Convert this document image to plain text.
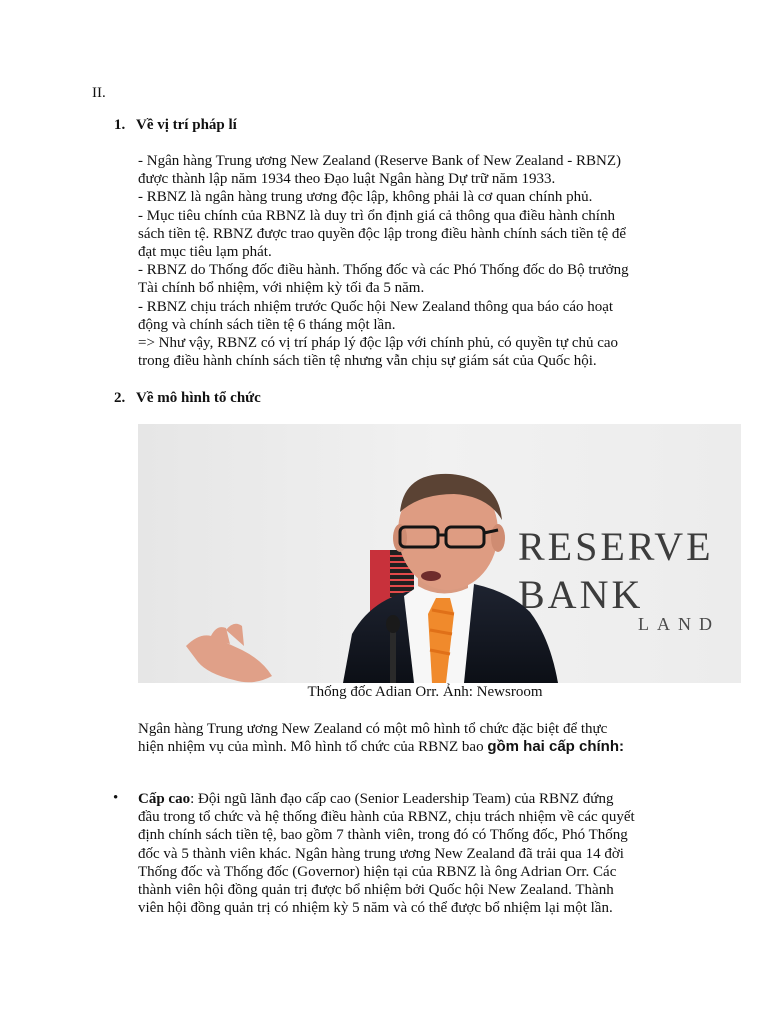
II.
1. Về vị trí pháp lí

- Ngân hàng Trung ương New Zealand (Reserve Bank of New Zealand - RBNZ)

được thành lập năm 1934 theo Đạo luật Ngân hàng Dự trữ năm 1933.

- RBNZ là ngân hàng trung ương độc lập, không phải là cơ quan chính phủ.

- Mục tiêu chính của RBNZ là duy trì ổn định giá cả thông qua điều hành chính

sách tiền tệ. RBNZ được trao quyền độc lập trong điều hành chính sách tiền tệ để

đạt mục tiêu lạm phát.

- RBNZ do Thống đốc điều hành. Thống đốc và các Phó Thống đốc do Bộ trưởng

Tài chính bổ nhiệm, với nhiệm kỳ tối đa 5 năm.

- RBNZ chịu trách nhiệm trước Quốc hội New Zealand thông qua báo cáo hoạt

động và chính sách tiền tệ 6 tháng một lần.

=> Như vậy, RBNZ có vị trí pháp lý độc lập với chính phủ, có quyền tự chủ cao

trong điều hành chính sách tiền tệ nhưng vẫn chịu sự giám sát của Quốc hội.

2. Về mô hình tổ chức
RESERVE
BANK
LAND
Thống đốc Adian Orr. Ảnh: Newsroom

Ngân hàng Trung ương New Zealand có một mô hình tổ chức đặc biệt để thực

hiện nhiệm vụ của mình. Mô hình tổ chức của RBNZ bao gồm hai cấp chính:

• Cấp cao: Đội ngũ lãnh đạo cấp cao (Senior Leadership Team) của RBNZ đứng

đầu trong tổ chức và hệ thống điều hành của RBNZ, chịu trách nhiệm về các quyết

định chính sách tiền tệ, bao gồm 7 thành viên, trong đó có Thống đốc, Phó Thống

đốc và 5 thành viên khác. Ngân hàng trung ương New Zealand đã trải qua 14 đời

Thống đốc và Thống đốc (Governor) hiện tại của RBNZ là ông Adrian Orr. Các

thành viên hội đồng quản trị được bổ nhiệm bởi Quốc hội New Zealand. Thành

viên hội đồng quản trị có nhiệm kỳ 5 năm và có thể được bổ nhiệm lại một lần.
